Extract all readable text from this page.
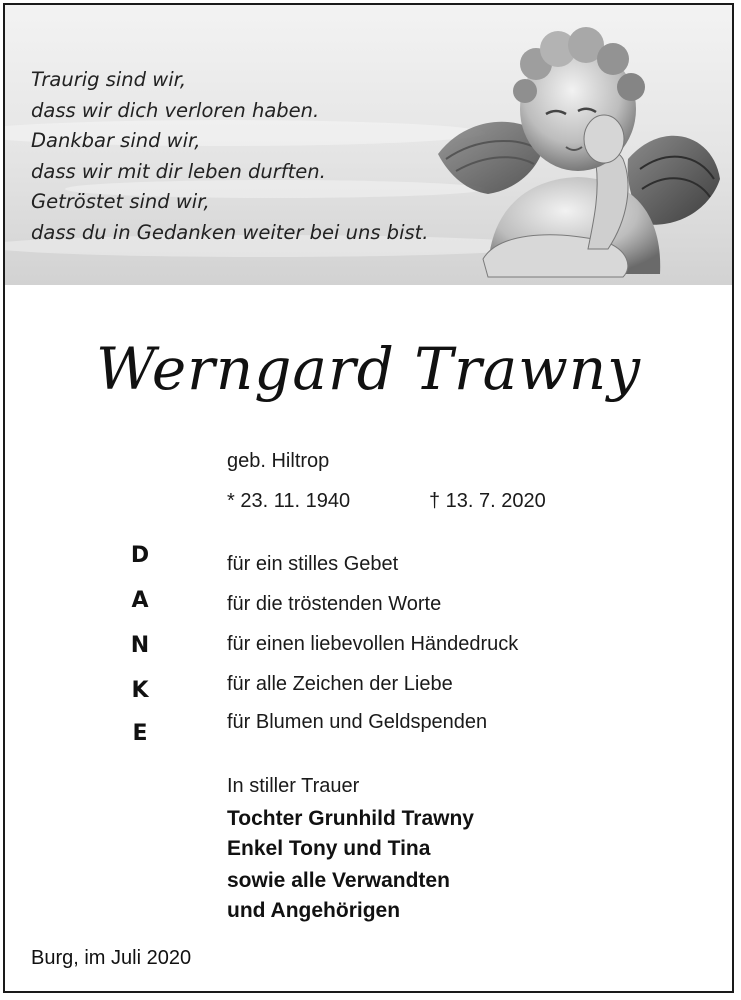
Traurig sind wir,
dass wir dich verloren haben.
Dankbar sind wir,
dass wir mit dir leben durften.
Getröstet sind wir,
dass du in Gedanken weiter bei uns bist.
Werngard Trawny
geb. Hiltrop
* 23. 11. 1940	† 13. 7. 2020
D
A
N
K
E
für ein stilles Gebet
für die tröstenden Worte
für einen liebevollen Händedruck
für alle Zeichen der Liebe
für Blumen und Geldspenden
In stiller Trauer
Tochter Grunhild Trawny
Enkel Tony und Tina
sowie alle Verwandten
und Angehörigen
Burg, im Juli 2020
